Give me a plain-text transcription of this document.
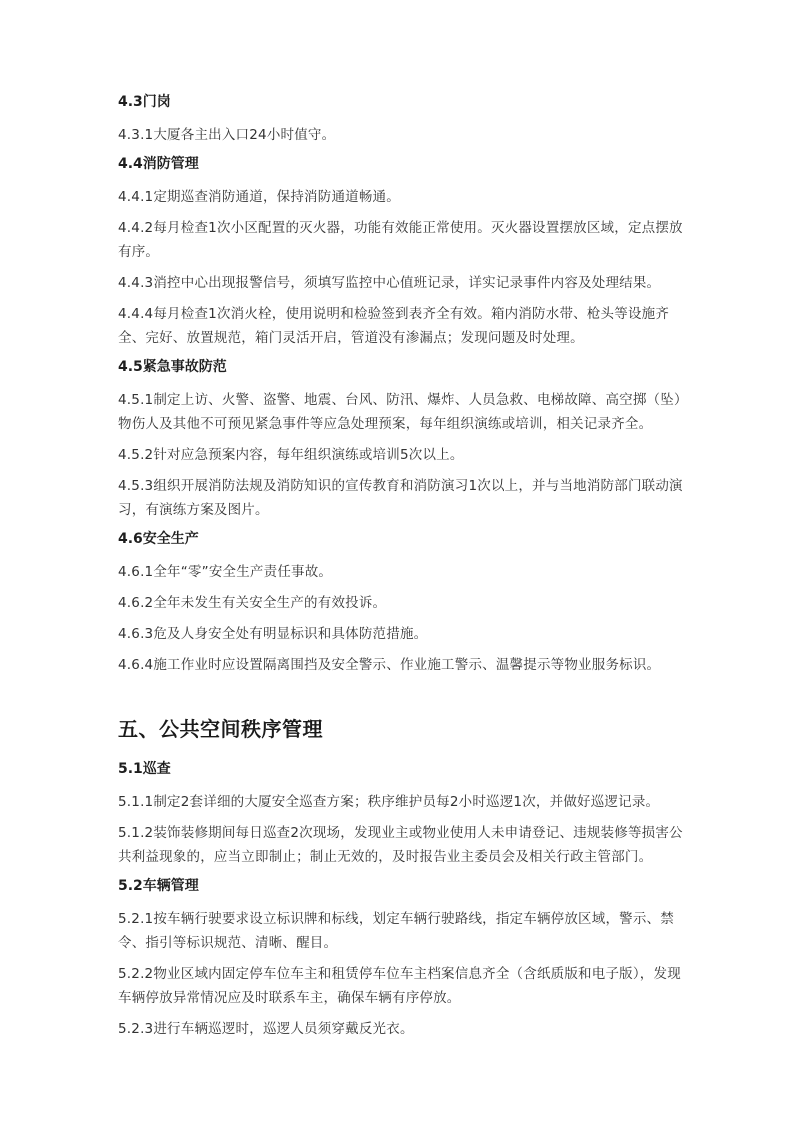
4.3门岗
4.3.1大厦各主出入口24小时值守。
4.4消防管理
4.4.1定期巡查消防通道，保持消防通道畅通。
4.4.2每月检查1次小区配置的灭火器，功能有效能正常使用。灭火器设置摆放区域，定点摆放有序。
4.4.3消控中心出现报警信号，须填写监控中心值班记录，详实记录事件内容及处理结果。
4.4.4每月检查1次消火栓，使用说明和检验签到表齐全有效。箱内消防水带、枪头等设施齐全、完好、放置规范，箱门灵活开启，管道没有渗漏点；发现问题及时处理。
4.5紧急事故防范
4.5.1制定上访、火警、盗警、地震、台风、防汛、爆炸、人员急救、电梯故障、高空掷（坠）物伤人及其他不可预见紧急事件等应急处理预案，每年组织演练或培训，相关记录齐全。
4.5.2针对应急预案内容，每年组织演练或培训5次以上。
4.5.3组织开展消防法规及消防知识的宣传教育和消防演习1次以上，并与当地消防部门联动演习，有演练方案及图片。
4.6安全生产
4.6.1全年“零”安全生产责任事故。
4.6.2全年未发生有关安全生产的有效投诉。
4.6.3危及人身安全处有明显标识和具体防范措施。
4.6.4施工作业时应设置隔离围挡及安全警示、作业施工警示、温馨提示等物业服务标识。
五、公共空间秩序管理
5.1巡查
5.1.1制定2套详细的大厦安全巡查方案；秩序维护员每2小时巡逻1次，并做好巡逻记录。
5.1.2装饰装修期间每日巡查2次现场，发现业主或物业使用人未申请登记、违规装修等损害公共利益现象的，应当立即制止；制止无效的，及时报告业主委员会及相关行政主管部门。
5.2车辆管理
5.2.1按车辆行驶要求设立标识牌和标线，划定车辆行驶路线，指定车辆停放区域，警示、禁令、指引等标识规范、清晰、醒目。
5.2.2物业区域内固定停车位车主和租赁停车位车主档案信息齐全（含纸质版和电子版），发现车辆停放异常情况应及时联系车主，确保车辆有序停放。
5.2.3进行车辆巡逻时，巡逻人员须穿戴反光衣。
